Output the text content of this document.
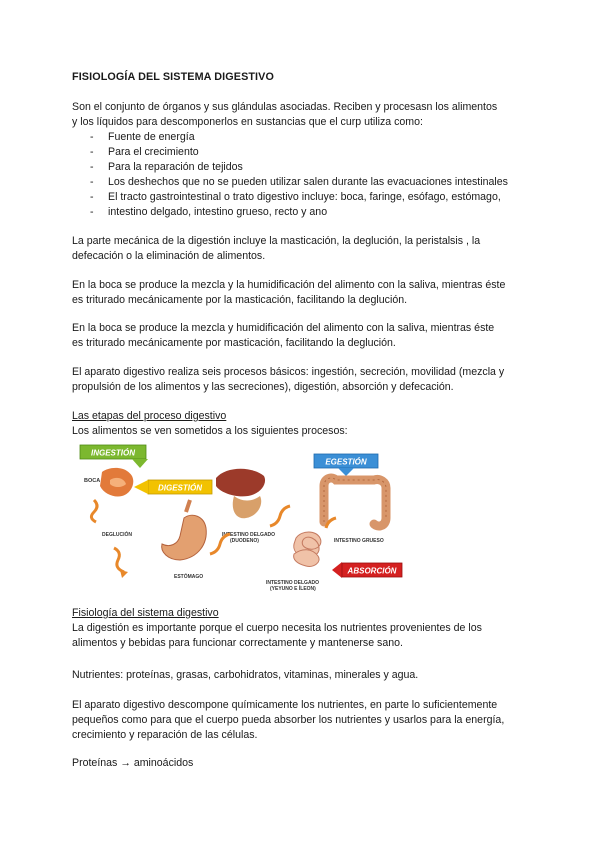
FISIOLOGÍA DEL SISTEMA DIGESTIVO

Son el conjunto de órganos y sus glándulas asociadas. Reciben y procesasn los alimentos

y los líquidos para descomponerlos en sustancias que el curp utiliza como:

- Fuente de energía
- Para el crecimiento
- Para la reparación de tejidos
- Los deshechos que no se pueden utilizar salen durante las evacuaciones intestinales
- El tracto gastrointestinal o trato digestivo incluye: boca, faringe, esófago, estómago,
- intestino delgado, intestino grueso, recto y ano

La parte mecánica de la digestión incluye la masticación, la deglución, la peristalsis , la

defecación o la eliminación de alimentos.

En la boca se produce la mezcla y la humidificación del alimento con la saliva, mientras éste

es triturado mecánicamente por la masticación, facilitando la deglución.

En la boca se produce la mezcla y humidificación del alimento con la saliva, mientras éste

es triturado mecánicamente por masticación, facilitando la deglución.

El aparato digestivo realiza seis procesos básicos: ingestión, secreción, movilidad (mezcla y

propulsión de los alimentos y las secreciones), digestión, absorción y defecación.

Las etapas del proceso digestivo

Los alimentos se ven sometidos a los siguientes procesos:

INGESTIÓN
BOCA
DIGESTIÓN
INTESTINO DELGADO
(DUODENO)
DEGLUCIÓN
ESTÓMAGO
INTESTINO DELGADO
(YEYUNO E ÍLEON)
EGESTIÓN
INTESTINO GRUESO
ABSORCIÓN

Fisiología del sistema digestivo

La digestión es importante porque el cuerpo necesita los nutrientes provenientes de los

alimentos y bebidas para funcionar correctamente y mantenerse sano.

Nutrientes: proteínas, grasas, carbohidratos, vitaminas, minerales y agua.

El aparato digestivo descompone químicamente los nutrientes, en parte lo suficientemente

pequeños como para que el cuerpo pueda absorber los nutrientes y usarlos para la energía,

crecimiento y reparación de las células.

Proteínas → aminoácidos
